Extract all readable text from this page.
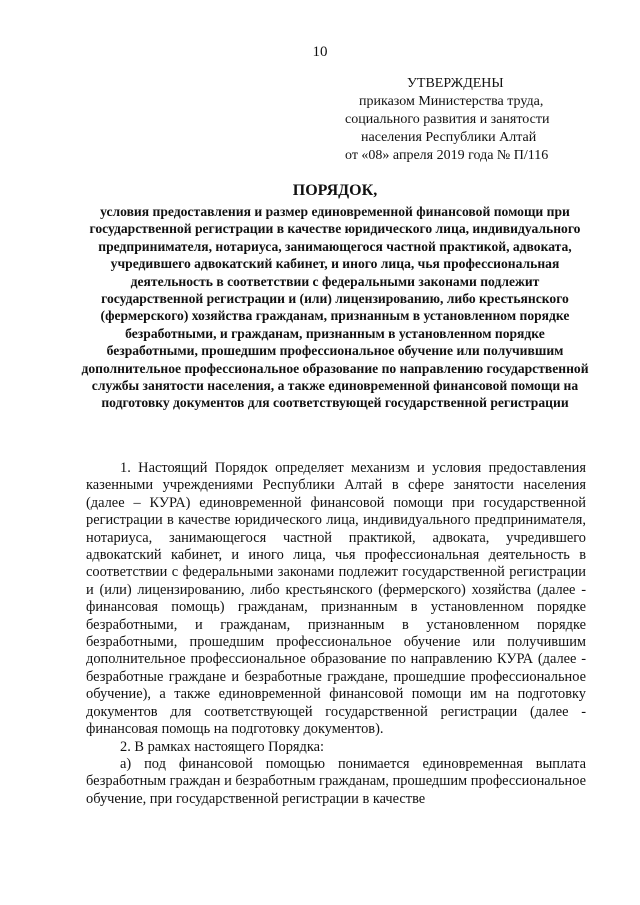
10
УТВЕРЖДЕНЫ
приказом Министерства труда,
социального развития и занятости
населения Республики Алтай
от «08» апреля 2019 года № П/116
ПОРЯДОК,
условия предоставления и размер единовременной финансовой помощи при государственной регистрации в качестве юридического лица, индивидуального предпринимателя, нотариуса, занимающегося частной практикой, адвоката, учредившего адвокатский кабинет, и иного лица, чья профессиональная деятельность в соответствии с федеральными законами подлежит государственной регистрации и (или) лицензированию, либо крестьянского (фермерского) хозяйства гражданам, признанным в установленном порядке безработными, и гражданам, признанным в установленном порядке безработными, прошедшим профессиональное обучение или получившим дополнительное профессиональное образование по направлению государственной службы занятости населения, а также единовременной финансовой помощи на подготовку документов для соответствующей государственной регистрации

1. Настоящий Порядок определяет механизм и условия предоставления казенными учреждениями Республики Алтай в сфере занятости населения (далее – КУРА) единовременной финансовой помощи при государственной регистрации в качестве юридического лица, индивидуального предпринимателя, нотариуса, занимающегося частной практикой, адвоката, учредившего адвокатский кабинет, и иного лица, чья профессиональная деятельность в соответствии с федеральными законами подлежит государственной регистрации и (или) лицензированию, либо крестьянского (фермерского) хозяйства (далее - финансовая помощь) гражданам, признанным в установленном порядке безработными, и гражданам, признанным в установленном порядке безработными, прошедшим профессиональное обучение или получившим дополнительное профессиональное образование по направлению КУРА (далее - безработные граждане и безработные граждане, прошедшие профессиональное обучение), а также единовременной финансовой помощи им на подготовку документов для соответствующей государственной регистрации (далее - финансовая помощь на подготовку документов).

2. В рамках настоящего Порядка:

а) под финансовой помощью понимается единовременная выплата безработным граждан и безработным гражданам, прошедшим профессиональное обучение, при государственной регистрации в качестве
